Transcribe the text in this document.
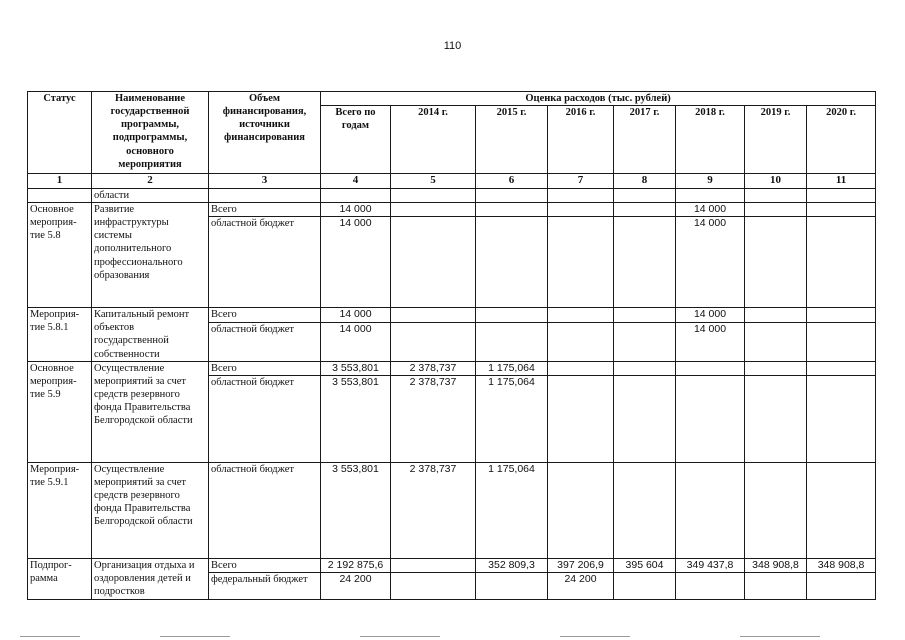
110
Статус	Наименование государственной программы, подпрограммы, основного мероприятия	Объем финансирования, источники финансирования	Оценка расходов (тыс. рублей)							
			Всего по годам	2014 г.	2015 г.	2016 г.	2017 г.	2018 г.	2019 г.	2020 г.
1	2	3	4	5	6	7	8	9	10	11
	области									
Основное мероприя-тие 5.8	Развитие инфраструктуры системы дополнительного профессионального образования	Всего	14 000					14 000		
		областной бюджет	14 000					14 000		
Мероприя-тие 5.8.1	Капитальный ремонт объектов государственной собственности	Всего	14 000					14 000		
		областной бюджет	14 000					14 000		
Основное мероприя-тие 5.9	Осуществление мероприятий за счет средств резервного фонда Правительства Белгородской области	Всего	3 553,801	2 378,737	1 175,064					
		областной бюджет	3 553,801	2 378,737	1 175,064					
Мероприя-тие 5.9.1	Осуществление мероприятий за счет средств резервного фонда Правительства Белгородской области	областной бюджет	3 553,801	2 378,737	1 175,064					
Подпрог-рамма	Организация отдыха и оздоровления детей и подростков	Всего	2 192 875,6		352 809,3	397 206,9	395 604	349 437,8	348 908,8	348 908,8
		федеральный бюджет	24 200			24 200				
